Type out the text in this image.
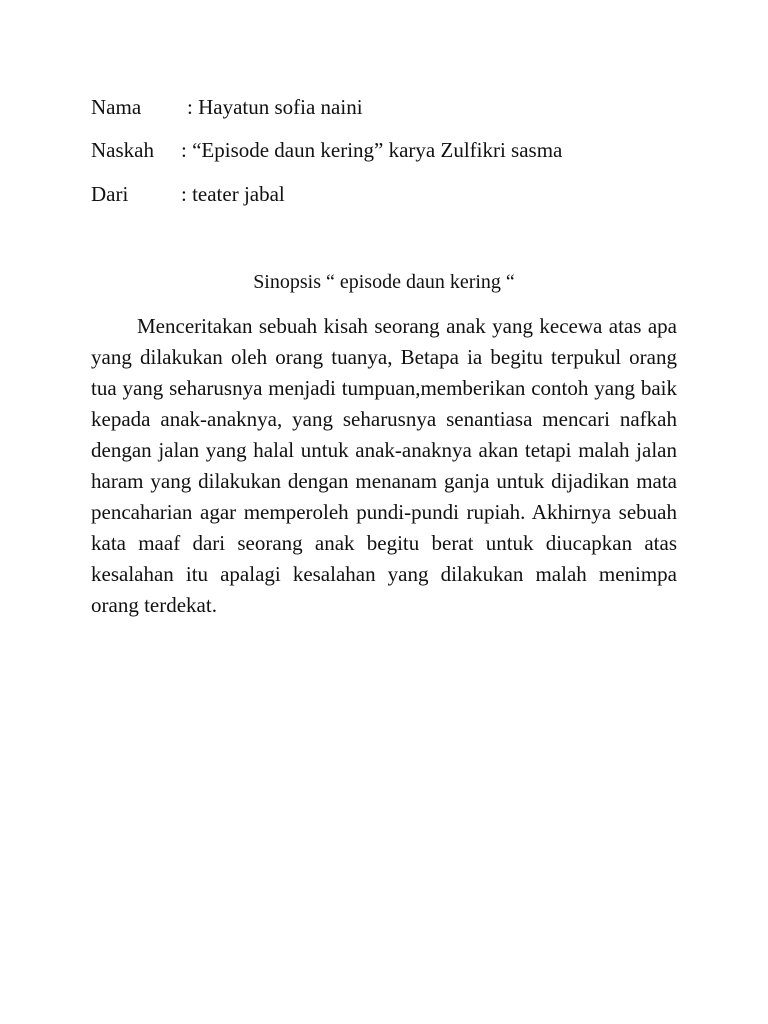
Nama : Hayatun sofia naini
Naskah : “Episode daun kering” karya Zulfikri sasma
Dari	: teater jabal
Sinopsis “ episode daun kering “

Menceritakan sebuah kisah seorang anak yang kecewa atas apa yang dilakukan oleh orang tuanya, Betapa ia begitu terpukul orang tua yang seharusnya menjadi tumpuan,memberikan contoh yang baik kepada anak-anaknya, yang seharusnya senantiasa mencari nafkah dengan jalan yang halal untuk anak-anaknya akan tetapi malah jalan haram yang dilakukan dengan menanam ganja untuk dijadikan mata pencaharian agar memperoleh pundi-pundi rupiah. Akhirnya sebuah kata maaf dari seorang anak begitu berat untuk diucapkan atas kesalahan itu apalagi kesalahan yang dilakukan malah menimpa orang terdekat.
